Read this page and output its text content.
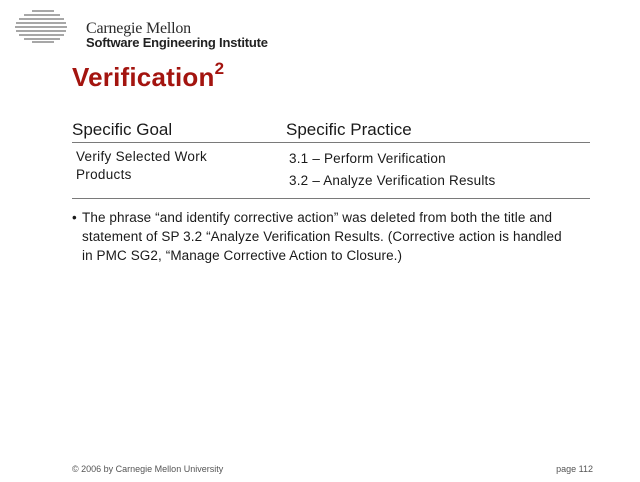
Carnegie Mellon
Software Engineering Institute
Verification$^2$
Specific Goal	Specific Practice
Verify Selected Work Products
3.1 – Perform Verification
3.2 – Analyze Verification Results
• The phrase “and identify corrective action” was deleted from both the title and statement of SP 3.2 “Analyze Verification Results. (Corrective action is handled in PMC SG2, “Manage Corrective Action to Closure.)
© 2006 by Carnegie Mellon University	page 112
